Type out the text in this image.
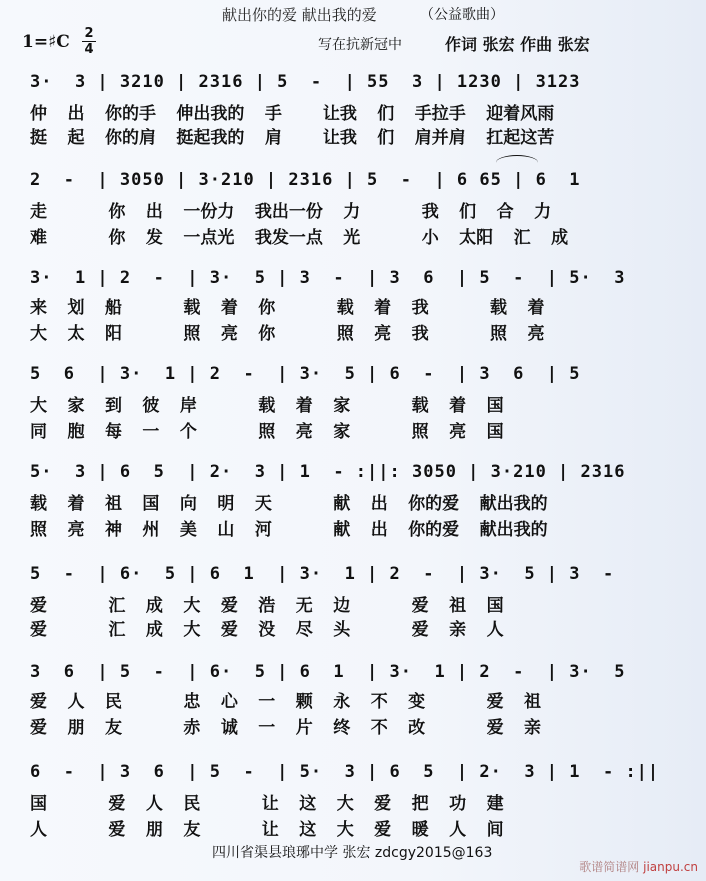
献出你的爱 献出我的爱	（公益歌曲）
1=♯C $\frac{2}{4}$	写在抗新冠中	作词 张宏 作曲 张宏
3·  3 | 3210 | 2316 | 5  -  | 55  3 | 1230 | 3123
仲  出  你的手  伸出我的  手    让我  们  手拉手  迎着风雨
挺  起  你的肩  挺起我的  肩    让我  们  肩并肩  扛起这苦
2  -  | 3050 | 3·210 | 2316 | 5  -  | 6 65 | 6  1
走      你  出  一份力  我出一份  力      我  们  合  力
难      你  发  一点光  我发一点  光      小  太阳  汇  成
3·  1 | 2  -  | 3·  5 | 3  -  | 3  6  | 5  -  | 5·  3
来  划  船      载  着  你      载  着  我      载  着
大  太  阳      照  亮  你      照  亮  我      照  亮
5  6  | 3·  1 | 2  -  | 3·  5 | 6  -  | 3  6  | 5
大  家  到  彼  岸      载  着  家      载  着  国
同  胞  每  一  个      照  亮  家      照  亮  国
5·  3 | 6  5  | 2·  3 | 1  - :||: 3050 | 3·210 | 2316
载  着  祖  国  向  明  天      献  出  你的爱  献出我的
照  亮  神  州  美  山  河      献  出  你的爱  献出我的
5  -  | 6·  5 | 6  1  | 3·  1 | 2  -  | 3·  5 | 3  -
爱      汇  成  大  爱  浩  无  边      爱  祖  国
爱      汇  成  大  爱  没  尽  头      爱  亲  人
3  6  | 5  -  | 6·  5 | 6  1  | 3·  1 | 2  -  | 3·  5
爱  人  民      忠  心  一  颗  永  不  变      爱  祖
爱  朋  友      赤  诚  一  片  终  不  改      爱  亲
6  -  | 3  6  | 5  -  | 5·  3 | 6  5  | 2·  3 | 1  - :||
国      爱  人  民      让  这  大  爱  把  功  建
人      爱  朋  友      让  这  大  爱  暖  人  间
四川省渠县琅琊中学 张宏 zdcgy2015@163
歌谱简谱网 jianpu.cn
